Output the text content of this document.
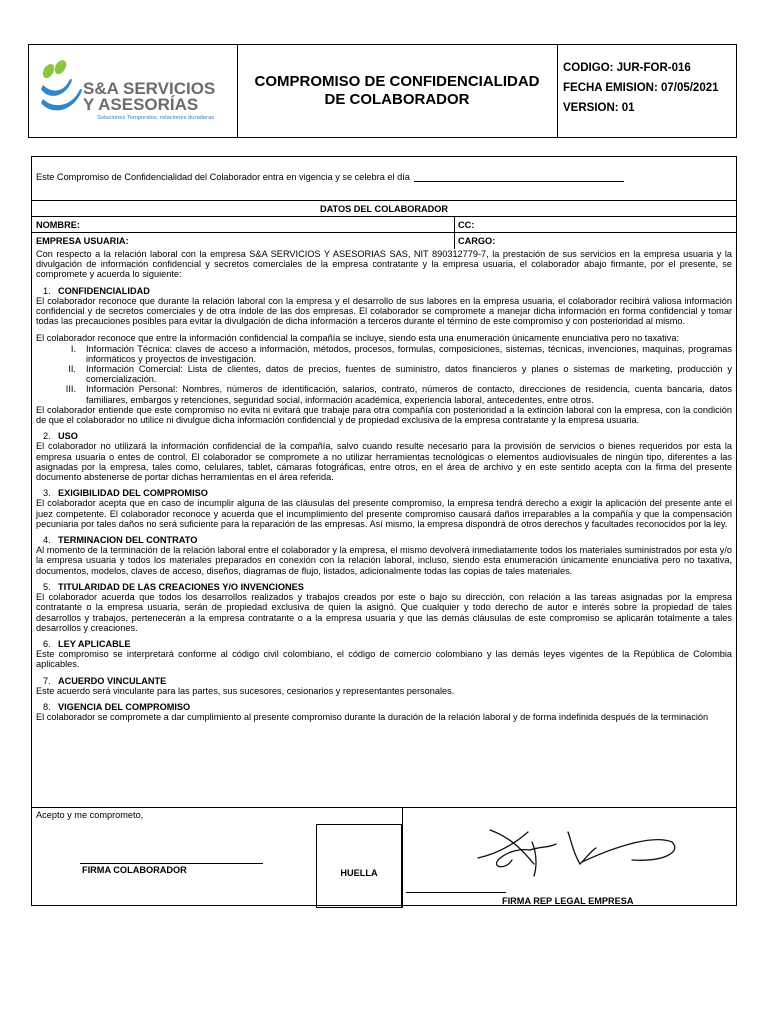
S&A SERVICIOS
Y ASESORÍAS
Soluciones Temporales, relaciones duraderas
COMPROMISO DE CONFIDENCIALIDAD
DE COLABORADOR
CODIGO: JUR-FOR-016
FECHA EMISION: 07/05/2021
VERSION: 01
Este Compromiso de Confidencialidad del Colaborador entra en vigencia y se celebra el día
DATOS DEL COLABORADOR
NOMBRE:	CC:
EMPRESA USUARIA:	CARGO:

Con respecto a la relación laboral con la empresa S&A SERVICIOS Y ASESORIAS SAS, NIT 890312779-7, la prestación de sus servicios en la empresa usuaria y la divulgación de información confidencial y secretos comerciales de la empresa contratante y la empresa usuaria, el colaborador abajo firmante, por el presente, se compromete y acuerda lo siguiente:

1. CONFIDENCIALIDAD

El colaborador reconoce que durante la relación laboral con la empresa y el desarrollo de sus labores en la empresa usuaria, el colaborador recibirá valiosa información confidencial y de secretos comerciales y de otra índole de las dos empresas. El colaborador se compromete a manejar dicha información en forma confidencial y tomar todas las precauciones posibles para evitar la divulgación de dicha información a terceros durante el término de este compromiso y con posterioridad al mismo.

El colaborador reconoce que entre la información confidencial la compañía se incluye, siendo esta una enumeración únicamente enunciativa pero no taxativa:

I. Información Técnica: claves de acceso a información, métodos, procesos, formulas, composiciones, sistemas, técnicas, invenciones, maquinas, programas informáticos y proyectos de investigación.
II. Información Comercial: Lista de clientes, datos de precios, fuentes de suministro, datos financieros y planes o sistemas de marketing, producción y comercialización.
III. Información Personal: Nombres, números de identificación, salarios, contrato, números de contacto, direcciones de residencia, cuenta bancaria, datos familiares, embargos y retenciones, seguridad social, información académica, experiencia laboral, antecedentes, entre otros.

El colaborador entiende que este compromiso no evita ni evitará que trabaje para otra compañía con posterioridad a la extinción laboral con la empresa, con la condición de que el colaborador no utilice ni divulgue dicha información confidencial y de propiedad exclusiva de la empresa contratante y la empresa usuaria.

2. USO

El colaborador no utilizará la información confidencial de la compañía, salvo cuando resulte necesario para la provisión de servicios o bienes requeridos por esta la empresa usuaria o entes de control. El colaborador se compromete a no utilizar herramientas tecnológicas o elementos audiovisuales de ningún tipo, diferentes a las asignadas por la empresa, tales como, celulares, tablet, cámaras fotográficas, entre otros, en el área de archivo y en este sentido acepta con la firma del presente documento abstenerse de portar dichas herramientas en el área referida.

3. EXIGIBILIDAD DEL COMPROMISO

El colaborador acepta que en caso de incumplir alguna de las cláusulas del presente compromiso, la empresa tendrá derecho a exigir la aplicación del presente ante el juez competente. El colaborador reconoce y acuerda que el incumplimiento del presente compromiso causará daños irreparables a la compañía y que la compensación pecuniaria por tales daños no será suficiente para la reparación de las empresas. Así mismo, la empresa dispondrá de otros derechos y facultades reconocidos por la ley.

4. TERMINACION DEL CONTRATO

Al momento de la terminación de la relación laboral entre el colaborador y la empresa, el mismo devolverá inmediatamente todos los materiales suministrados por esta y/o la empresa usuaria y todos los materiales preparados en conexión con la relación laboral, incluso, siendo esta enumeración únicamente enunciativa pero no taxativa, documentos, modelos, claves de acceso, diseños, diagramas de flujo, listados, adicionalmente todas las copias de tales materiales.

5. TITULARIDAD DE LAS CREACIONES Y/O INVENCIONES

El colaborador acuerda que todos los desarrollos realizados y trabajos creados por este o bajo su dirección, con relación a las tareas asignadas por la empresa contratante o la empresa usuaria, serán de propiedad exclusiva de quien la asignó. Que cualquier y todo derecho de autor e interés sobre la propiedad de tales desarrollos y trabajos, pertenecerán a la empresa contratante o a la empresa usuaria y que las demás cláusulas de este compromiso se aplicarán totalmente a tales desarrollos y creaciones.

6. LEY APLICABLE

Este compromiso se interpretará conforme al código civil colombiano, el código de comercio colombiano y las demás leyes vigentes de la República de Colombia aplicables.

7. ACUERDO VINCULANTE

Este acuerdo será vinculante para las partes, sus sucesores, cesionarios y representantes personales.

8. VIGENCIA DEL COMPROMISO

El colaborador se compromete a dar cumplimiento al presente compromiso durante la duración de la relación laboral y de forma indefinida después de la terminación

Acepto y me comprometo,
FIRMA COLABORADOR	HUELLA
FIRMA REP LEGAL EMPRESA
